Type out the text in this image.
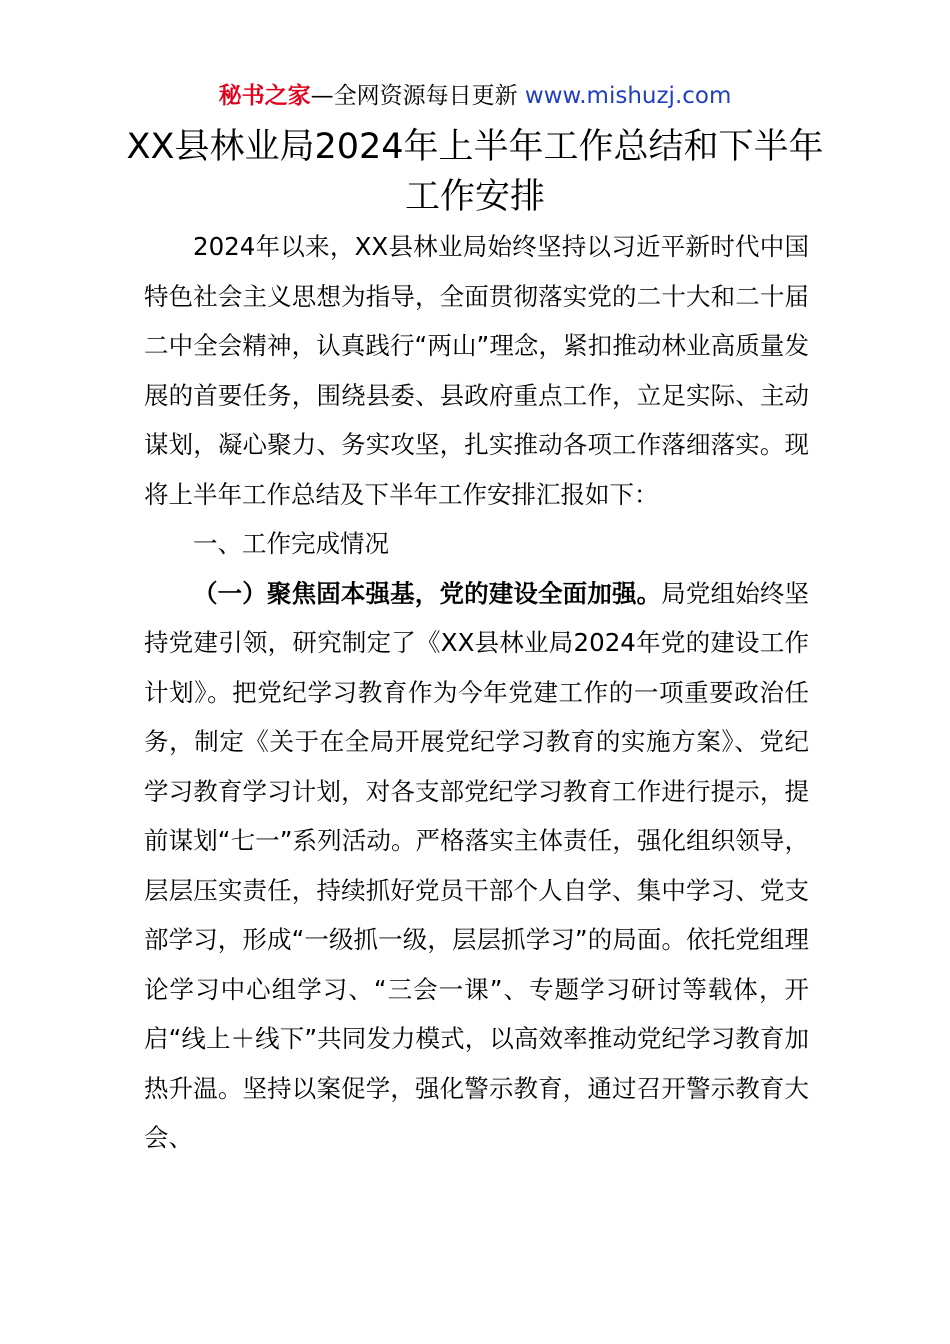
秘书之家—全网资源每日更新 www.mishuzj.com
XX县林业局2024年上半年工作总结和下半年工作安排

2024年以来，XX县林业局始终坚持以习近平新时代中国特色社会主义思想为指导，全面贯彻落实党的二十大和二十届二中全会精神，认真践行“两山”理念，紧扣推动林业高质量发展的首要任务，围绕县委、县政府重点工作，立足实际、主动谋划，凝心聚力、务实攻坚，扎实推动各项工作落细落实。现将上半年工作总结及下半年工作安排汇报如下：

一、工作完成情况

（一）聚焦固本强基，党的建设全面加强。局党组始终坚持党建引领，研究制定了《XX县林业局2024年党的建设工作计划》。把党纪学习教育作为今年党建工作的一项重要政治任务，制定《关于在全局开展党纪学习教育的实施方案》、党纪学习教育学习计划，对各支部党纪学习教育工作进行提示，提前谋划“七一”系列活动。严格落实主体责任，强化组织领导，层层压实责任，持续抓好党员干部个人自学、集中学习、党支部学习，形成“一级抓一级，层层抓学习”的局面。依托党组理论学习中心组学习、“三会一课”、专题学习研讨等载体，开启“线上＋线下”共同发力模式，以高效率推动党纪学习教育加热升温。坚持以案促学，强化警示教育，通过召开警示教育大会、
